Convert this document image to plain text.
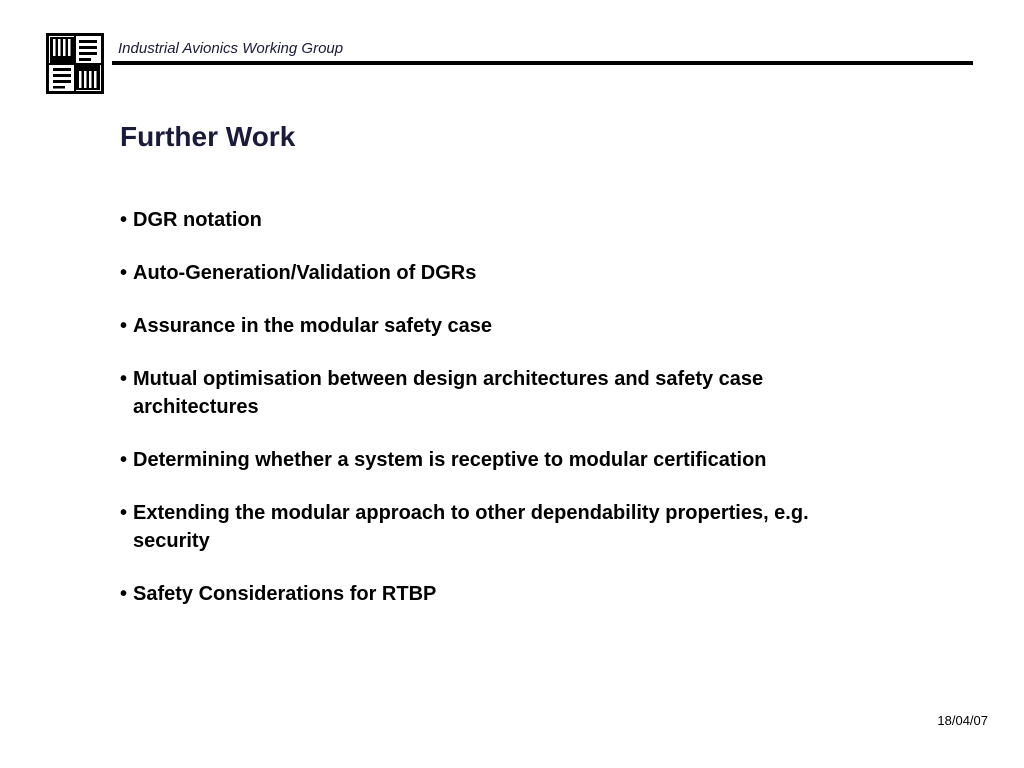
Industrial Avionics Working Group
Further Work
• DGR notation
• Auto-Generation/Validation of DGRs
• Assurance in the modular safety case
• Mutual optimisation between design architectures and safety case architectures
• Determining whether a system is receptive to modular certification
• Extending the modular approach to other dependability properties, e.g. security
• Safety Considerations for RTBP
18/04/07
